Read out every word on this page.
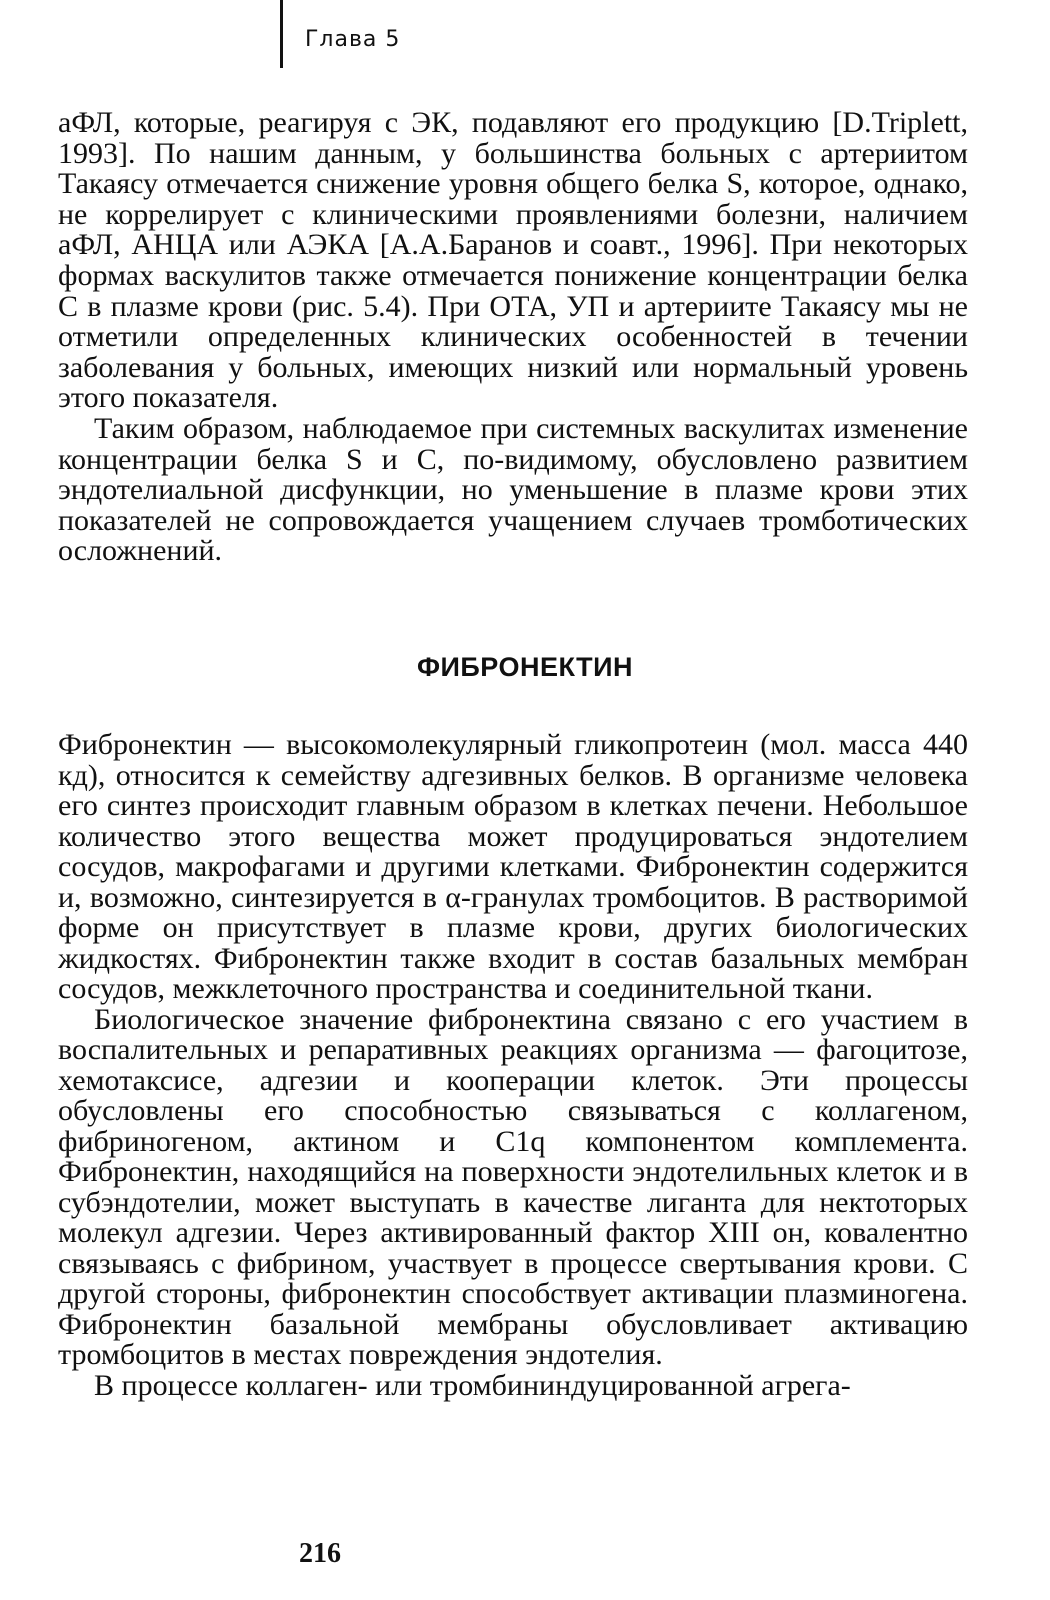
Глава 5

аФЛ, которые, реагируя с ЭК, подавляют его продукцию [D.Triplett, 1993]. По нашим данным, у большинства больных с артериитом Такаясу отмечается снижение уровня общего белка S, которое, однако, не коррелирует с клиническими проявлениями болезни, наличием аФЛ, АНЦА или АЭКА [А.А.Баранов и соавт., 1996]. При некоторых формах васкулитов также отмечается понижение концентрации белка С в плазме крови (рис. 5.4). При ОТА, УП и артериите Такаясу мы не отметили определенных клинических особенностей в течении заболевания у больных, имеющих низкий или нормальный уровень этого показателя.

Таким образом, наблюдаемое при системных васкулитах изменение концентрации белка S и C, по-видимому, обусловлено развитием эндотелиальной дисфункции, но уменьшение в плазме крови этих показателей не сопровождается учащением случаев тромботических осложнений.

ФИБРОНЕКТИН

Фибронектин — высокомолекулярный гликопротеин (мол. масса 440 кд), относится к семейству адгезивных белков. В организме человека его синтез происходит главным образом в клетках печени. Небольшое количество этого вещества может продуцироваться эндотелием сосудов, макрофагами и другими клетками. Фибронектин содержится и, возможно, синтезируется в α-гранулах тромбоцитов. В растворимой форме он присутствует в плазме крови, других биологических жидкостях. Фибронектин также входит в состав базальных мембран сосудов, межклеточного пространства и соединительной ткани.

Биологическое значение фибронектина связано с его участием в воспалительных и репаративных реакциях организма — фагоцитозе, хемотаксисе, адгезии и кооперации клеток. Эти процессы обусловлены его способностью связываться с коллагеном, фибриногеном, актином и C1q компонентом комплемента. Фибронектин, находящийся на поверхности эндотелильных клеток и в субэндотелии, может выступать в качестве лиганта для нектоторых молекул адгезии. Через активированный фактор XIII он, ковалентно связываясь с фибрином, участвует в процессе свертывания крови. С другой стороны, фибронектин способствует активации плазминогена. Фибронектин базальной мембраны обусловливает активацию тромбоцитов в местах повреждения эндотелия.

В процессе коллаген- или тромбининдуцированной агрега-

216
